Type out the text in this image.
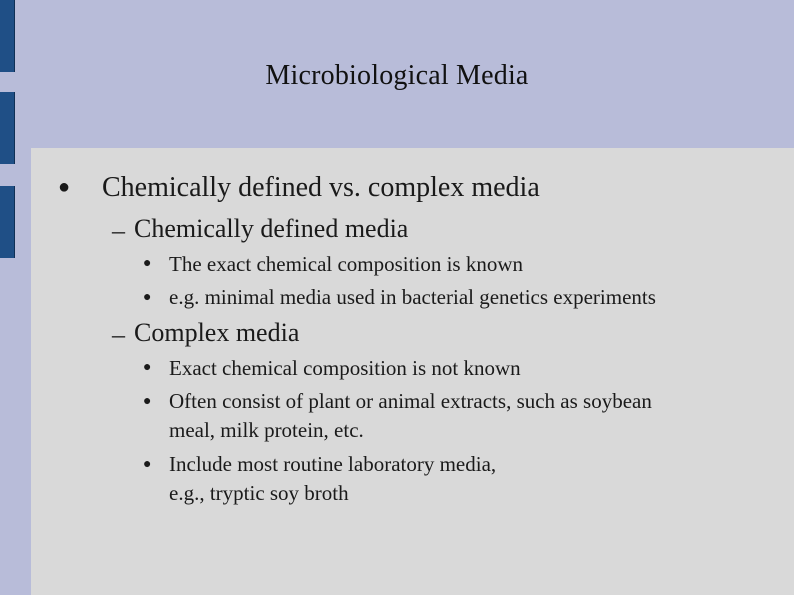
Microbiological Media
● Chemically defined vs. complex media
– Chemically defined media
● The exact chemical composition is known
● e.g. minimal media used in bacterial genetics experiments
– Complex media
● Exact chemical composition is not known
● Often consist of plant or animal extracts, such as soybean
meal, milk protein, etc.
● Include most routine laboratory media,
e.g., tryptic soy broth
